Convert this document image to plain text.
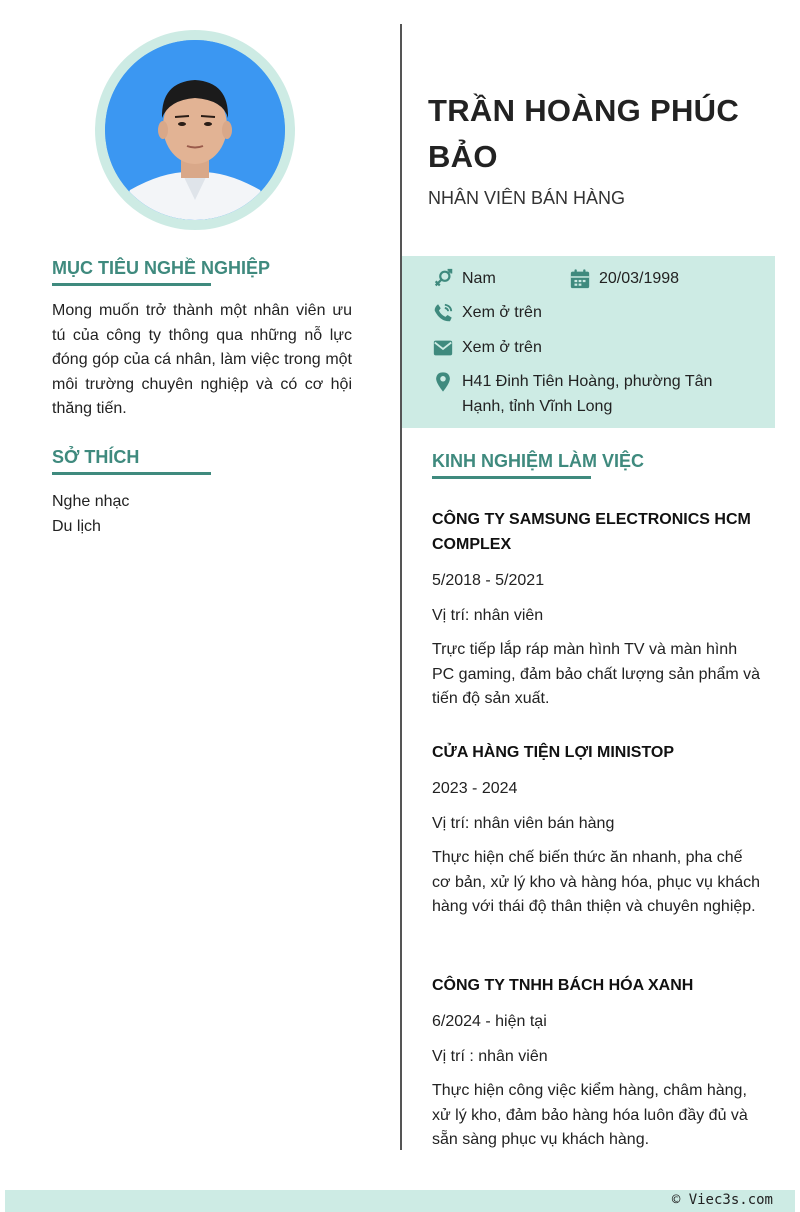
MỤC TIÊU NGHỀ NGHIỆP

Mong muốn trở thành một nhân viên ưu tú của công ty thông qua những nỗ lực đóng góp của cá nhân, làm việc trong một môi trường chuyên nghiệp và có cơ hội thăng tiến.

SỞ THÍCH
Nghe nhạc
Du lịch
TRẦN HOÀNG PHÚC BẢO

NHÂN VIÊN BÁN HÀNG

Nam	20/03/1998
Xem ở trên
Xem ở trên
H41 Đinh Tiên Hoàng, phường Tân Hạnh, tỉnh Vĩnh Long
KINH NGHIỆM LÀM VIỆC
CÔNG TY SAMSUNG ELECTRONICS HCM COMPLEX

5/2018 - 5/2021

Vị trí: nhân viên

Trực tiếp lắp ráp màn hình TV và màn hình PC gaming, đảm bảo chất lượng sản phẩm và tiến độ sản xuất.

CỬA HÀNG TIỆN LỢI MINISTOP

2023 - 2024

Vị trí: nhân viên bán hàng

Thực hiện chế biến thức ăn nhanh, pha chế cơ bản, xử lý kho và hàng hóa, phục vụ khách hàng với thái độ thân thiện và chuyên nghiệp.

CÔNG TY TNHH BÁCH HÓA XANH

6/2024 - hiện tại

Vị trí : nhân viên

Thực hiện công việc kiểm hàng, châm hàng, xử lý kho, đảm bảo hàng hóa luôn đầy đủ và sẵn sàng phục vụ khách hàng.

© Viec3s.com
